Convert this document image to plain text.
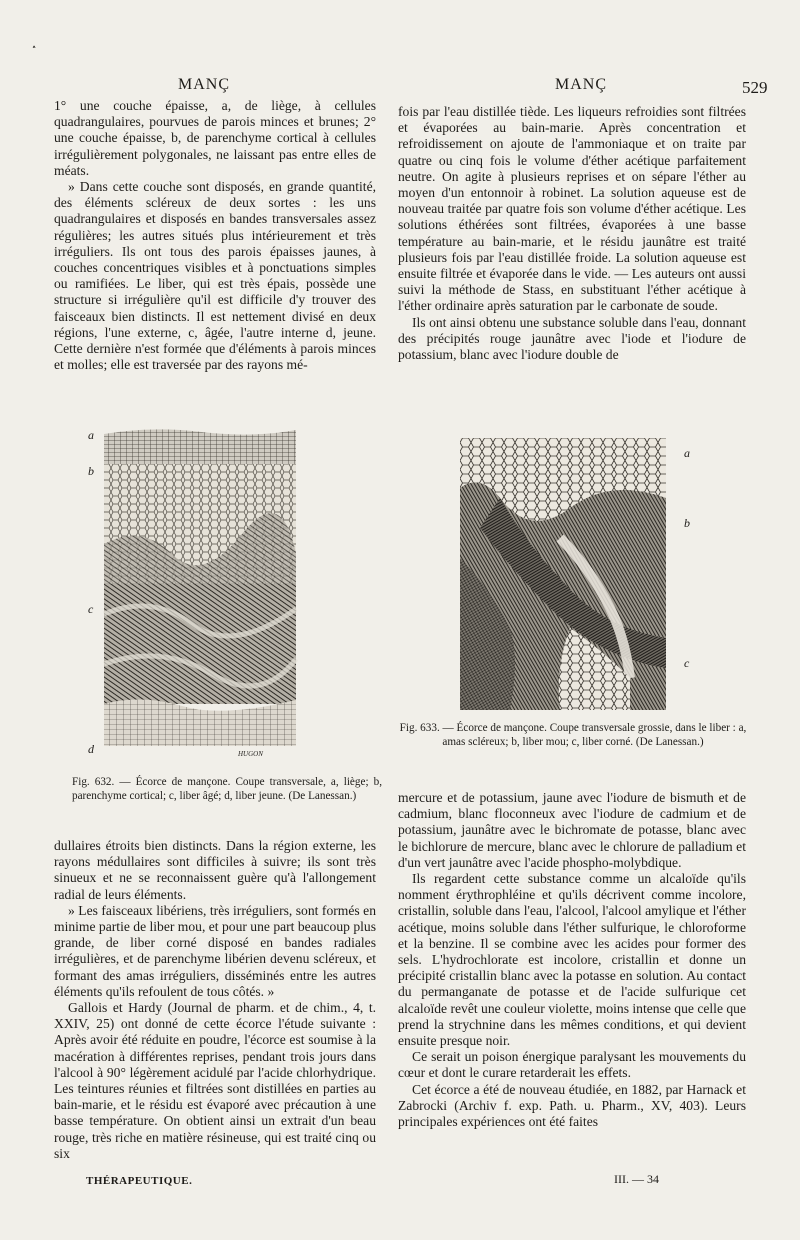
MANÇ	MANÇ	529

1° une couche épaisse, a, de liège, à cellules quadrangulaires, pourvues de parois minces et brunes; 2° une couche épaisse, b, de parenchyme cortical à cellules irrégulièrement polygonales, ne laissant pas entre elles de méats.

» Dans cette couche sont disposés, en grande quantité, des éléments scléreux de deux sortes : les uns quadrangulaires et disposés en bandes transversales assez régulières; les autres situés plus intérieurement et très irréguliers. Ils ont tous des parois épaisses jaunes, à couches concentriques visibles et à ponctuations simples ou ramifiées. Le liber, qui est très épais, possède une structure si irrégulière qu'il est difficile d'y trouver des faisceaux bien distincts. Il est nettement divisé en deux régions, l'une externe, c, âgée, l'autre interne d, jeune. Cette dernière n'est formée que d'éléments à parois minces et molles; elle est traversée par des rayons mé-

a
b
c
d	HUGON
Fig. 632. — Écorce de mançone. Coupe transversale, a, liège; b, parenchyme cortical; c, liber âgé; d, liber jeune. (De Lanessan.)

dullaires étroits bien distincts. Dans la région externe, les rayons médullaires sont difficiles à suivre; ils sont très sinueux et ne se reconnaissent guère qu'à l'allongement radial de leurs éléments.

» Les faisceaux libériens, très irréguliers, sont formés en minime partie de liber mou, et pour une part beaucoup plus grande, de liber corné disposé en bandes radiales irrégulières, et de parenchyme libérien devenu scléreux, et formant des amas irréguliers, disséminés entre les autres éléments qu'ils refoulent de tous côtés. »

Gallois et Hardy (Journal de pharm. et de chim., 4, t. XXIV, 25) ont donné de cette écorce l'étude suivante : Après avoir été réduite en poudre, l'écorce est soumise à la macération à différentes reprises, pendant trois jours dans l'alcool à 90° légèrement acidulé par l'acide chlorhydrique. Les teintures réunies et filtrées sont distillées en parties au bain-marie, et le résidu est évaporé avec précaution à une basse température. On obtient ainsi un extrait d'un beau rouge, très riche en matière résineuse, qui est traité cinq ou six

fois par l'eau distillée tiède. Les liqueurs refroidies sont filtrées et évaporées au bain-marie. Après concentration et refroidissement on ajoute de l'ammoniaque et on traite par quatre ou cinq fois le volume d'éther acétique parfaitement neutre. On agite à plusieurs reprises et on sépare l'éther au moyen d'un entonnoir à robinet. La solution aqueuse est de nouveau traitée par quatre fois son volume d'éther acétique. Les solutions éthérées sont filtrées, évaporées à une basse température au bain-marie, et le résidu jaunâtre est traité plusieurs fois par l'eau distillée froide. La solution aqueuse est ensuite filtrée et évaporée dans le vide. — Les auteurs ont aussi suivi la méthode de Stass, en substituant l'éther acétique à l'éther ordinaire après saturation par le carbonate de soude.

Ils ont ainsi obtenu une substance soluble dans l'eau, donnant des précipités rouge jaunâtre avec l'iode et l'iodure de potassium, blanc avec l'iodure double de

a
b
c
Fig. 633. — Écorce de mançone. Coupe transversale grossie, dans le liber : a, amas scléreux; b, liber mou; c, liber corné. (De Lanessan.)

mercure et de potassium, jaune avec l'iodure de bismuth et de cadmium, blanc floconneux avec l'iodure de cadmium et de potassium, jaunâtre avec le bichromate de potasse, blanc avec le bichlorure de mercure, blanc avec le chlorure de palladium et d'un vert jaunâtre avec l'acide phospho-molybdique.

Ils regardent cette substance comme un alcaloïde qu'ils nomment érythrophléine et qu'ils décrivent comme incolore, cristallin, soluble dans l'eau, l'alcool, l'alcool amylique et l'éther acétique, moins soluble dans l'éther sulfurique, le chloroforme et la benzine. Il se combine avec les acides pour former des sels. L'hydrochlorate est incolore, cristallin et donne un précipité cristallin blanc avec la potasse en solution. Au contact du permanganate de potasse et de l'acide sulfurique cet alcaloïde revêt une couleur violette, moins intense que celle que prend la strychnine dans les mêmes conditions, et qui devient ensuite presque noir.

Ce serait un poison énergique paralysant les mouvements du cœur et dont le curare retarderait les effets.

Cet écorce a été de nouveau étudiée, en 1882, par Harnack et Zabrocki (Archiv f. exp. Path. u. Pharm., XV, 403). Leurs principales expériences ont été faites

THÉRAPEUTIQUE.	III. — 34
